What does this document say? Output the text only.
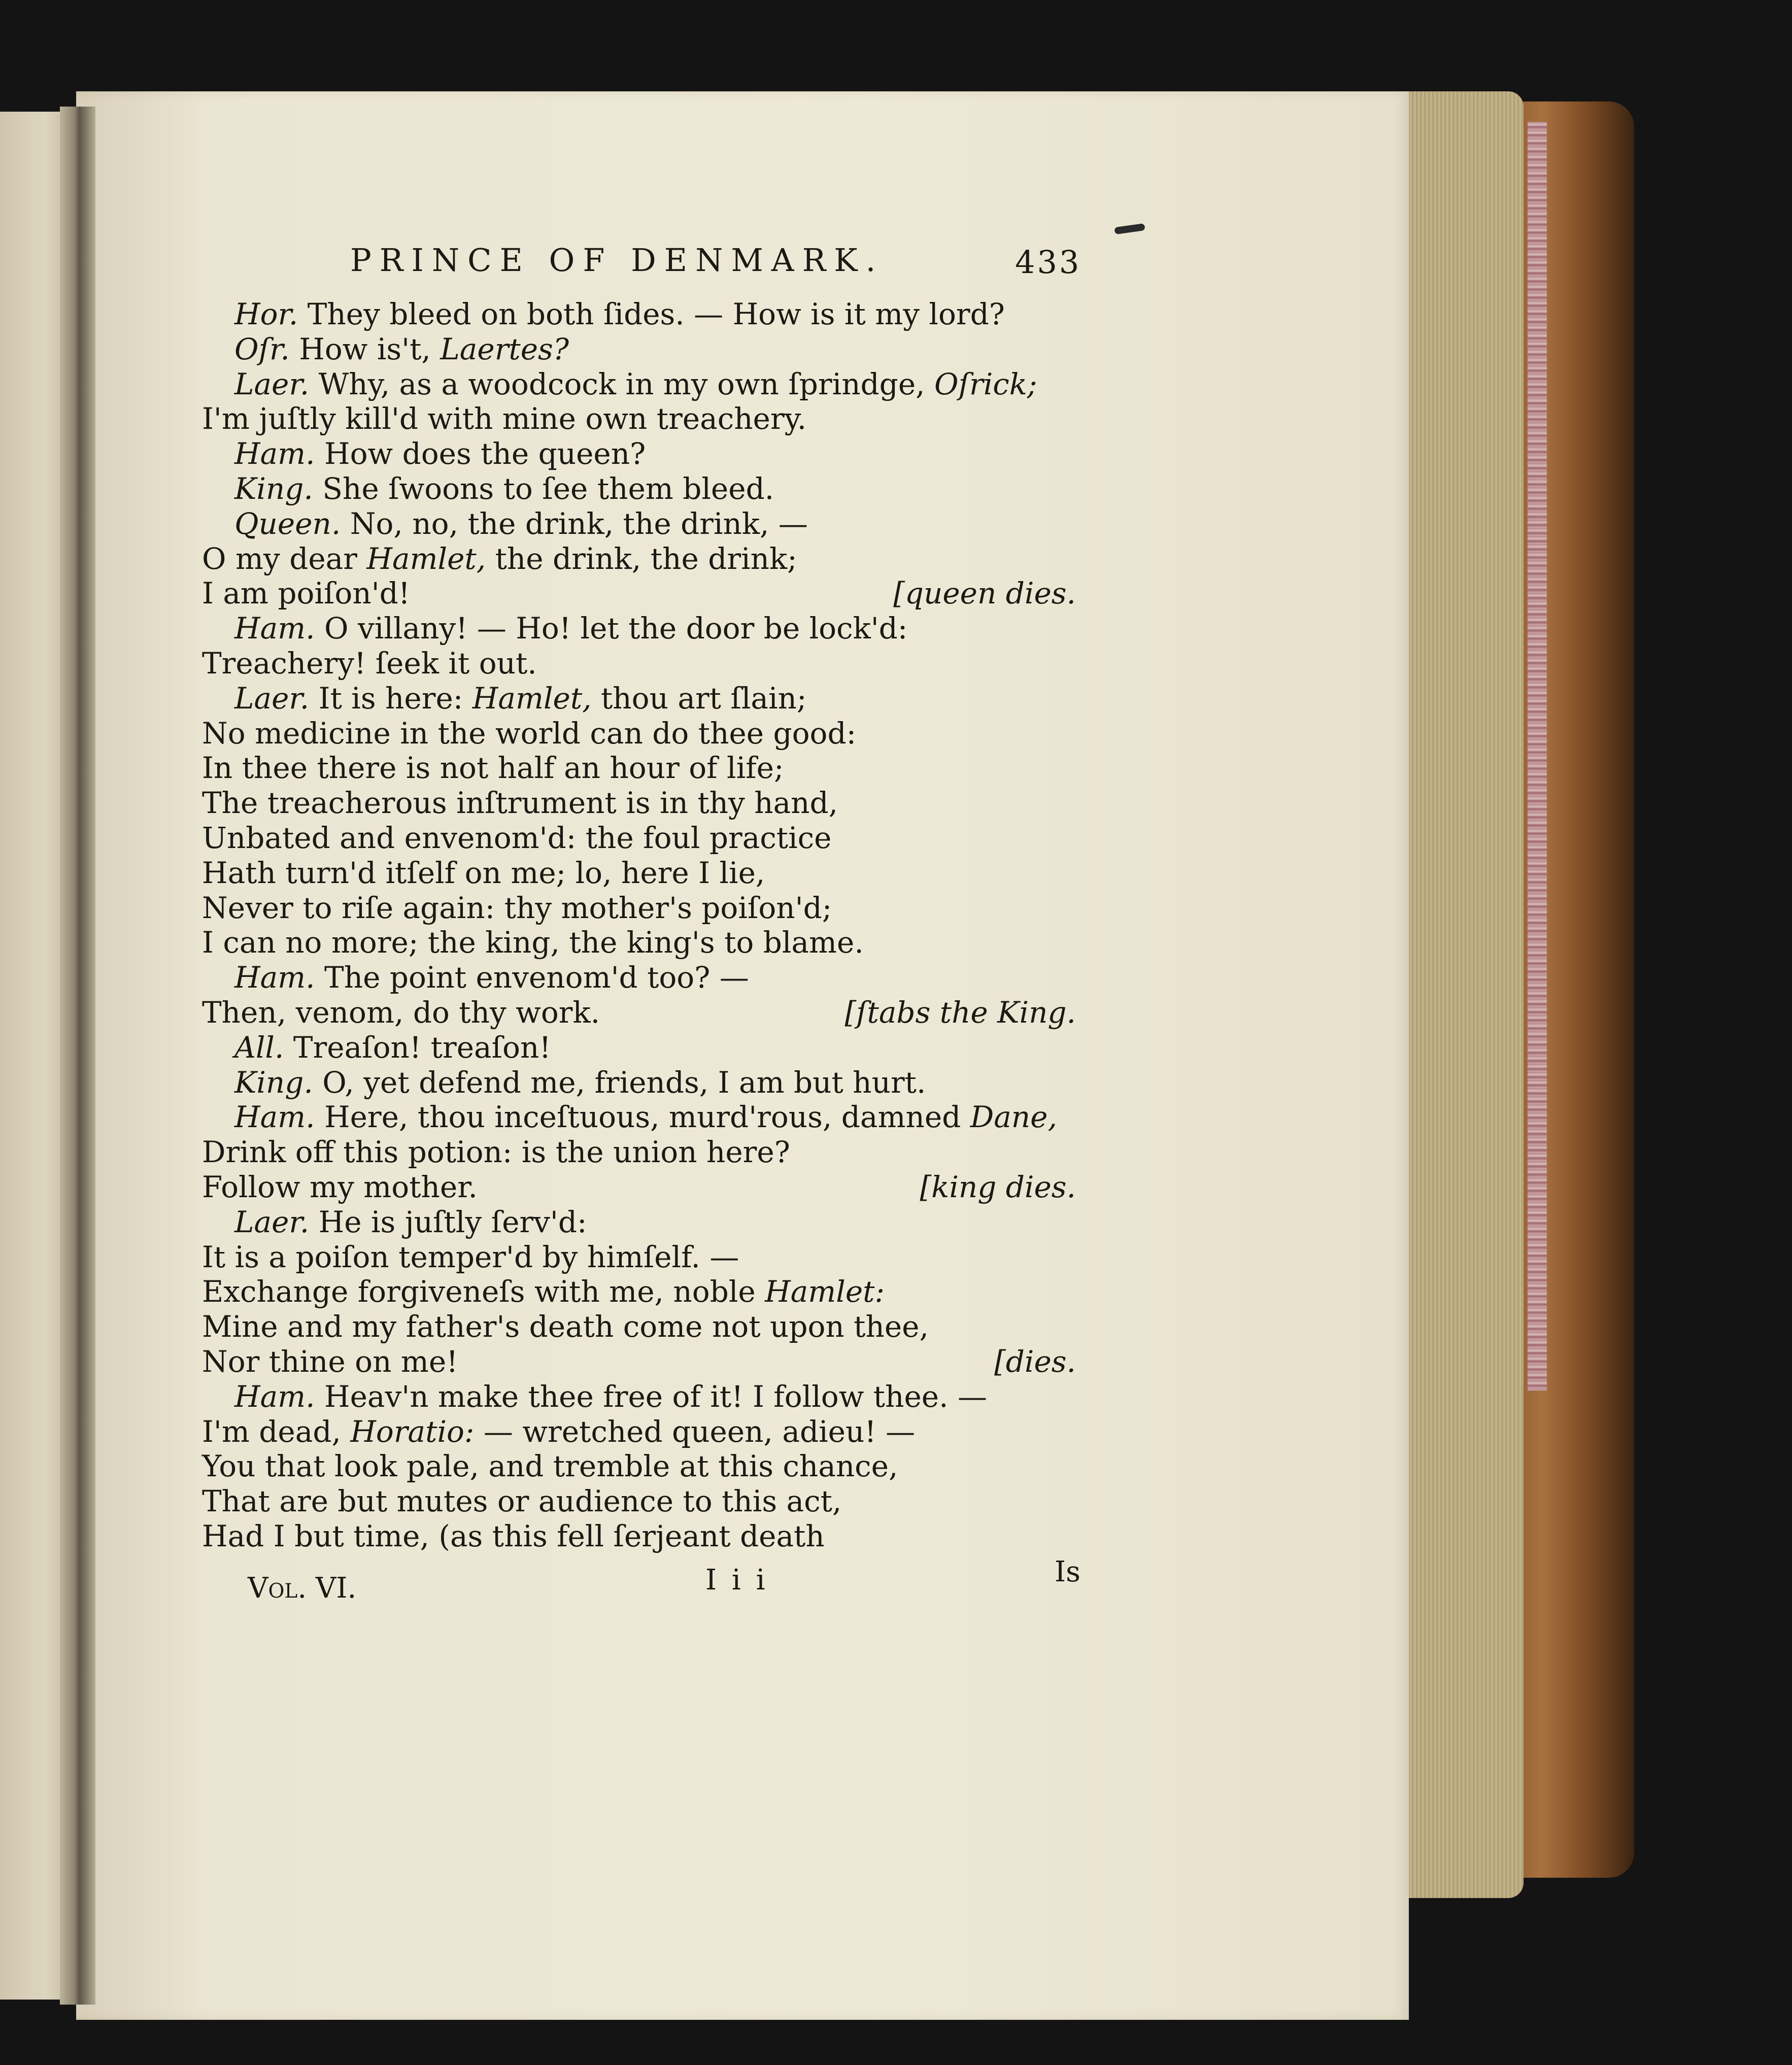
PRINCE OF DENMARK.	433
Hor. They bleed on both ſides. — How is it my lord?
Oſr. How is't, Laertes?
Laer. Why, as a woodcock in my own ſprindge, Oſrick;
I'm juſtly kill'd with mine own treachery.
Ham. How does the queen?
King. She ſwoons to ſee them bleed.
Queen. No, no, the drink, the drink, —
O my dear Hamlet, the drink, the drink;
I am poiſon'd!	[queen dies.
Ham. O villany! — Ho! let the door be lock'd:
Treachery! ſeek it out.
Laer. It is here: Hamlet, thou art ſlain;
No medicine in the world can do thee good:
In thee there is not half an hour of life;
The treacherous inſtrument is in thy hand,
Unbated and envenom'd: the foul practice
Hath turn'd itſelf on me; lo, here I lie,
Never to riſe again: thy mother's poiſon'd;
I can no more; the king, the king's to blame.
Ham. The point envenom'd too? —
Then, venom, do thy work.	[ſtabs the King.
All. Treaſon! treaſon!
King. O, yet defend me, friends, I am but hurt.
Ham. Here, thou inceſtuous, murd'rous, damned Dane,
Drink off this potion: is the union here?
Follow my mother.	[king dies.
Laer. He is juſtly ſerv'd:
It is a poiſon temper'd by himſelf. —
Exchange forgiveneſs with me, noble Hamlet:
Mine and my father's death come not upon thee,
Nor thine on me!	[dies.
Ham. Heav'n make thee free of it! I follow thee. —
I'm dead, Horatio: — wretched queen, adieu! —
You that look pale, and tremble at this chance,
That are but mutes or audience to this act,
Had I but time, (as this fell ſerjeant death
Vol. VI.	I i i	Is
